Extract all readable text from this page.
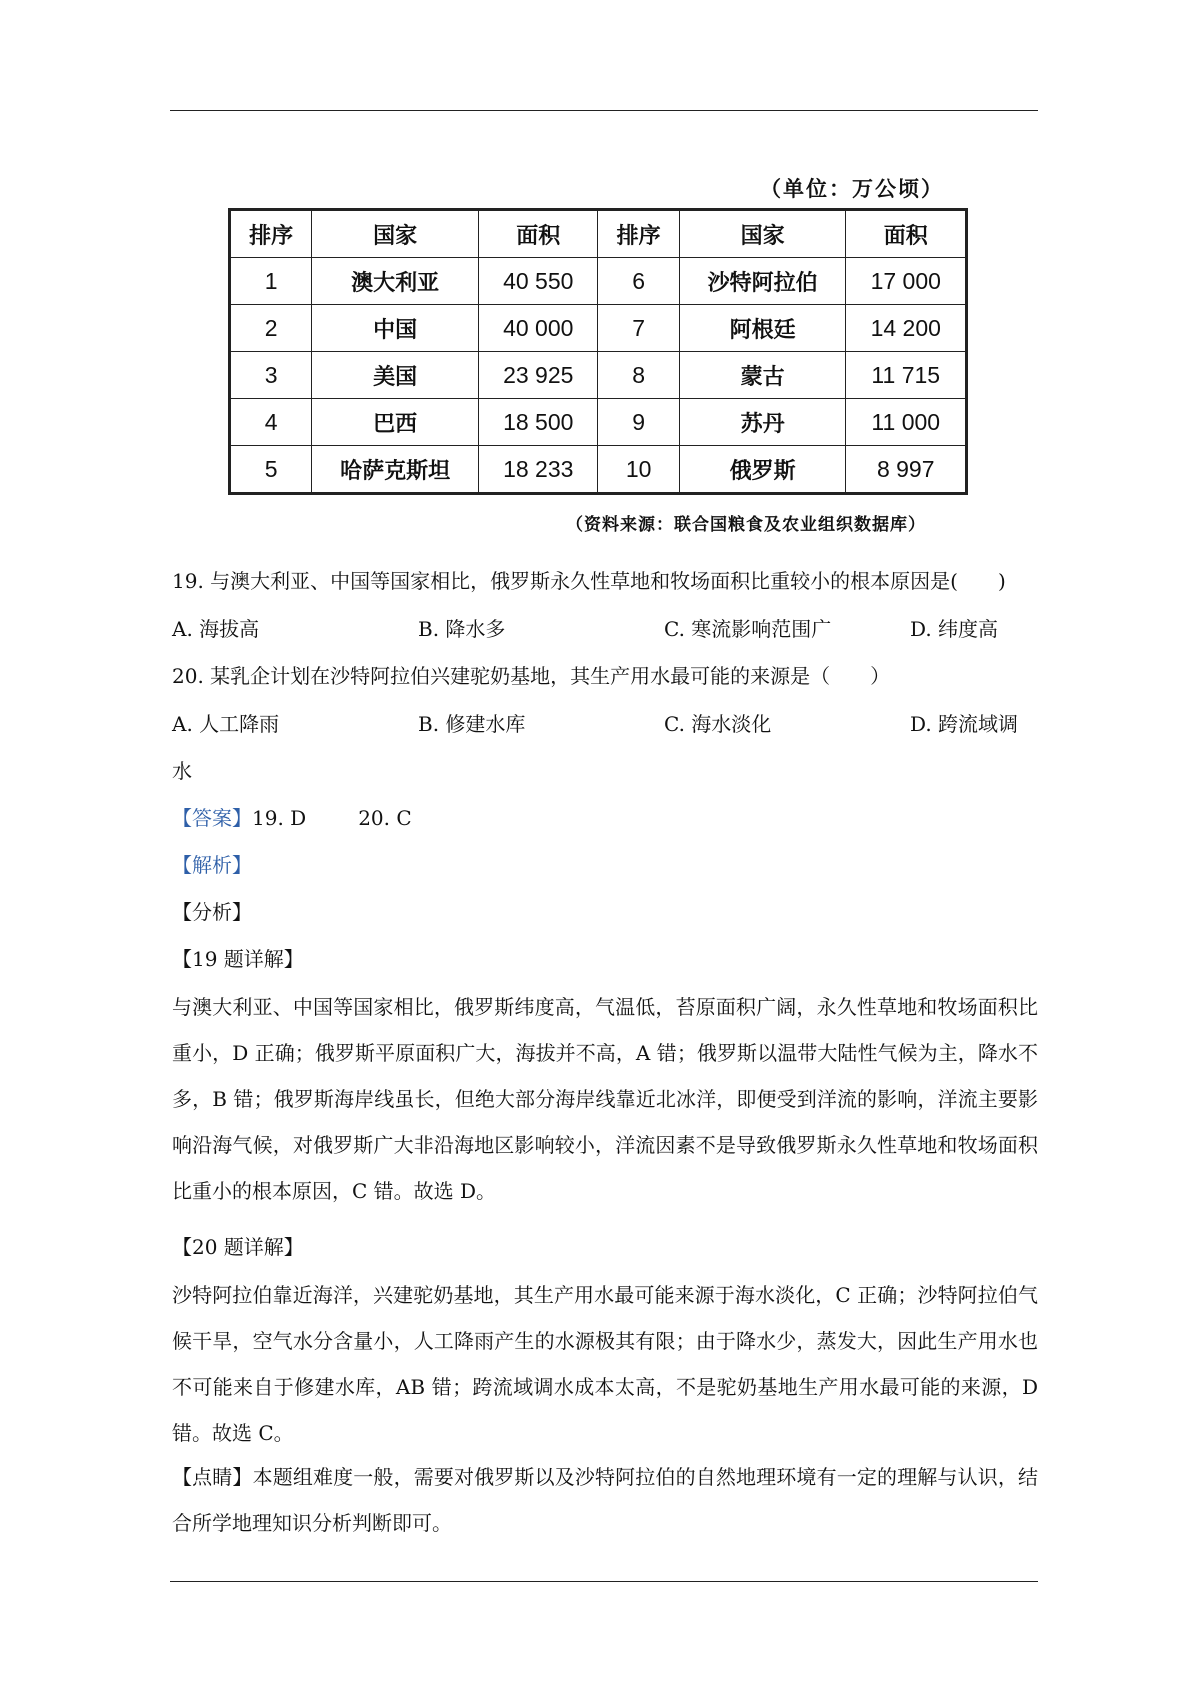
（单位：万公顷）
排序	国家	面积	排序	国家	面积
1	澳大利亚	40 550	6	沙特阿拉伯	17 000
2	中国	40 000	7	阿根廷	14 200
3	美国	23 925	8	蒙古	11 715
4	巴西	18 500	9	苏丹	11 000
5	哈萨克斯坦	18 233	10	俄罗斯	8 997
（资料来源：联合国粮食及农业组织数据库）
19. 与澳大利亚、中国等国家相比，俄罗斯永久性草地和牧场面积比重较小的根本原因是(　　)
A. 海拔高	B. 降水多	C. 寒流影响范围广	D. 纬度高
20. 某乳企计划在沙特阿拉伯兴建驼奶基地，其生产用水最可能的来源是（　　）
A. 人工降雨	B. 修建水库	C. 海水淡化	D. 跨流域调
水
【答案】19. D	20. C
【解析】
【分析】
【19 题详解】
与澳大利亚、中国等国家相比，俄罗斯纬度高，气温低，苔原面积广阔，永久性草地和牧场面积比重小，D 正确；俄罗斯平原面积广大，海拔并不高，A 错；俄罗斯以温带大陆性气候为主，降水不多，B 错；俄罗斯海岸线虽长，但绝大部分海岸线靠近北冰洋，即便受到洋流的影响，洋流主要影响沿海气候，对俄罗斯广大非沿海地区影响较小，洋流因素不是导致俄罗斯永久性草地和牧场面积比重小的根本原因，C 错。故选 D。
【20 题详解】
沙特阿拉伯靠近海洋，兴建驼奶基地，其生产用水最可能来源于海水淡化，C 正确；沙特阿拉伯气候干旱，空气水分含量小，人工降雨产生的水源极其有限；由于降水少，蒸发大，因此生产用水也不可能来自于修建水库，AB 错；跨流域调水成本太高，不是驼奶基地生产用水最可能的来源，D 错。故选 C。
【点睛】本题组难度一般，需要对俄罗斯以及沙特阿拉伯的自然地理环境有一定的理解与认识，结合所学地理知识分析判断即可。
